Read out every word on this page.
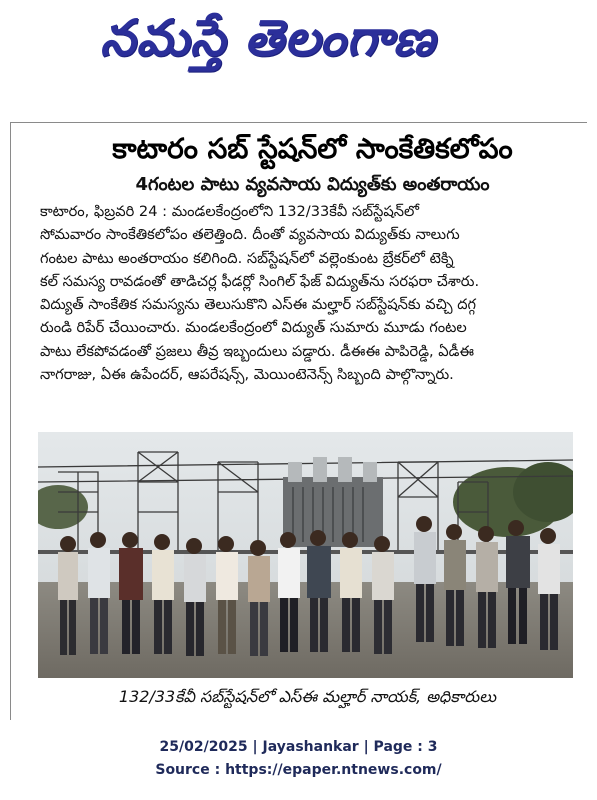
నమస్తే తెలంగాణ
కాటారం సబ్ స్టేషన్‌లో సాంకేతికలోపం
4గంటల పాటు వ్యవసాయ విద్యుత్‌కు అంతరాయం
కాటారం, ఫిబ్రవరి 24 : మండలకేంద్రంలోని 132/33కేవీ సబ్‌స్టేషన్‌లో
సోమవారం సాంకేతికలోపం తలెత్తింది. దీంతో వ్యవసాయ విద్యుత్‌కు నాలుగు
గంటల పాటు అంతరాయం కలిగింది. సబ్‌స్టేషన్‌లో వల్లెంకుంట బ్రేకర్‌లో టెక్ని
కల్ సమస్య రావడంతో తాడిచర్ల ఫీడర్లో సింగిల్ ఫేజ్ విద్యుత్‌ను సరఫరా చేశారు.
విద్యుత్ సాంకేతిక సమస్యను తెలుసుకొని ఎస్ఈ మల్హార్ సబ్‌స్టేషన్‌కు వచ్చి దగ్గ
రుండి రిపేర్ చేయించారు. మండలకేంద్రంలో విద్యుత్ సుమారు మూడు గంటల
పాటు లేకపోవడంతో ప్రజలు తీవ్ర ఇబ్బందులు పడ్డారు. డీఈఈ పాపిరెడ్డి, ఏడీఈ
నాగరాజు, ఏఈ ఉపేందర్, ఆపరేషన్స్, మెయింటెనెన్స్ సిబ్బంది పాల్గొన్నారు.
132/33కేవీ సబ్‌స్టేషన్‌లో ఎస్ఈ మల్హార్ నాయక్, అధికారులు
25/02/2025 | Jayashankar | Page : 3
Source : https://epaper.ntnews.com/
